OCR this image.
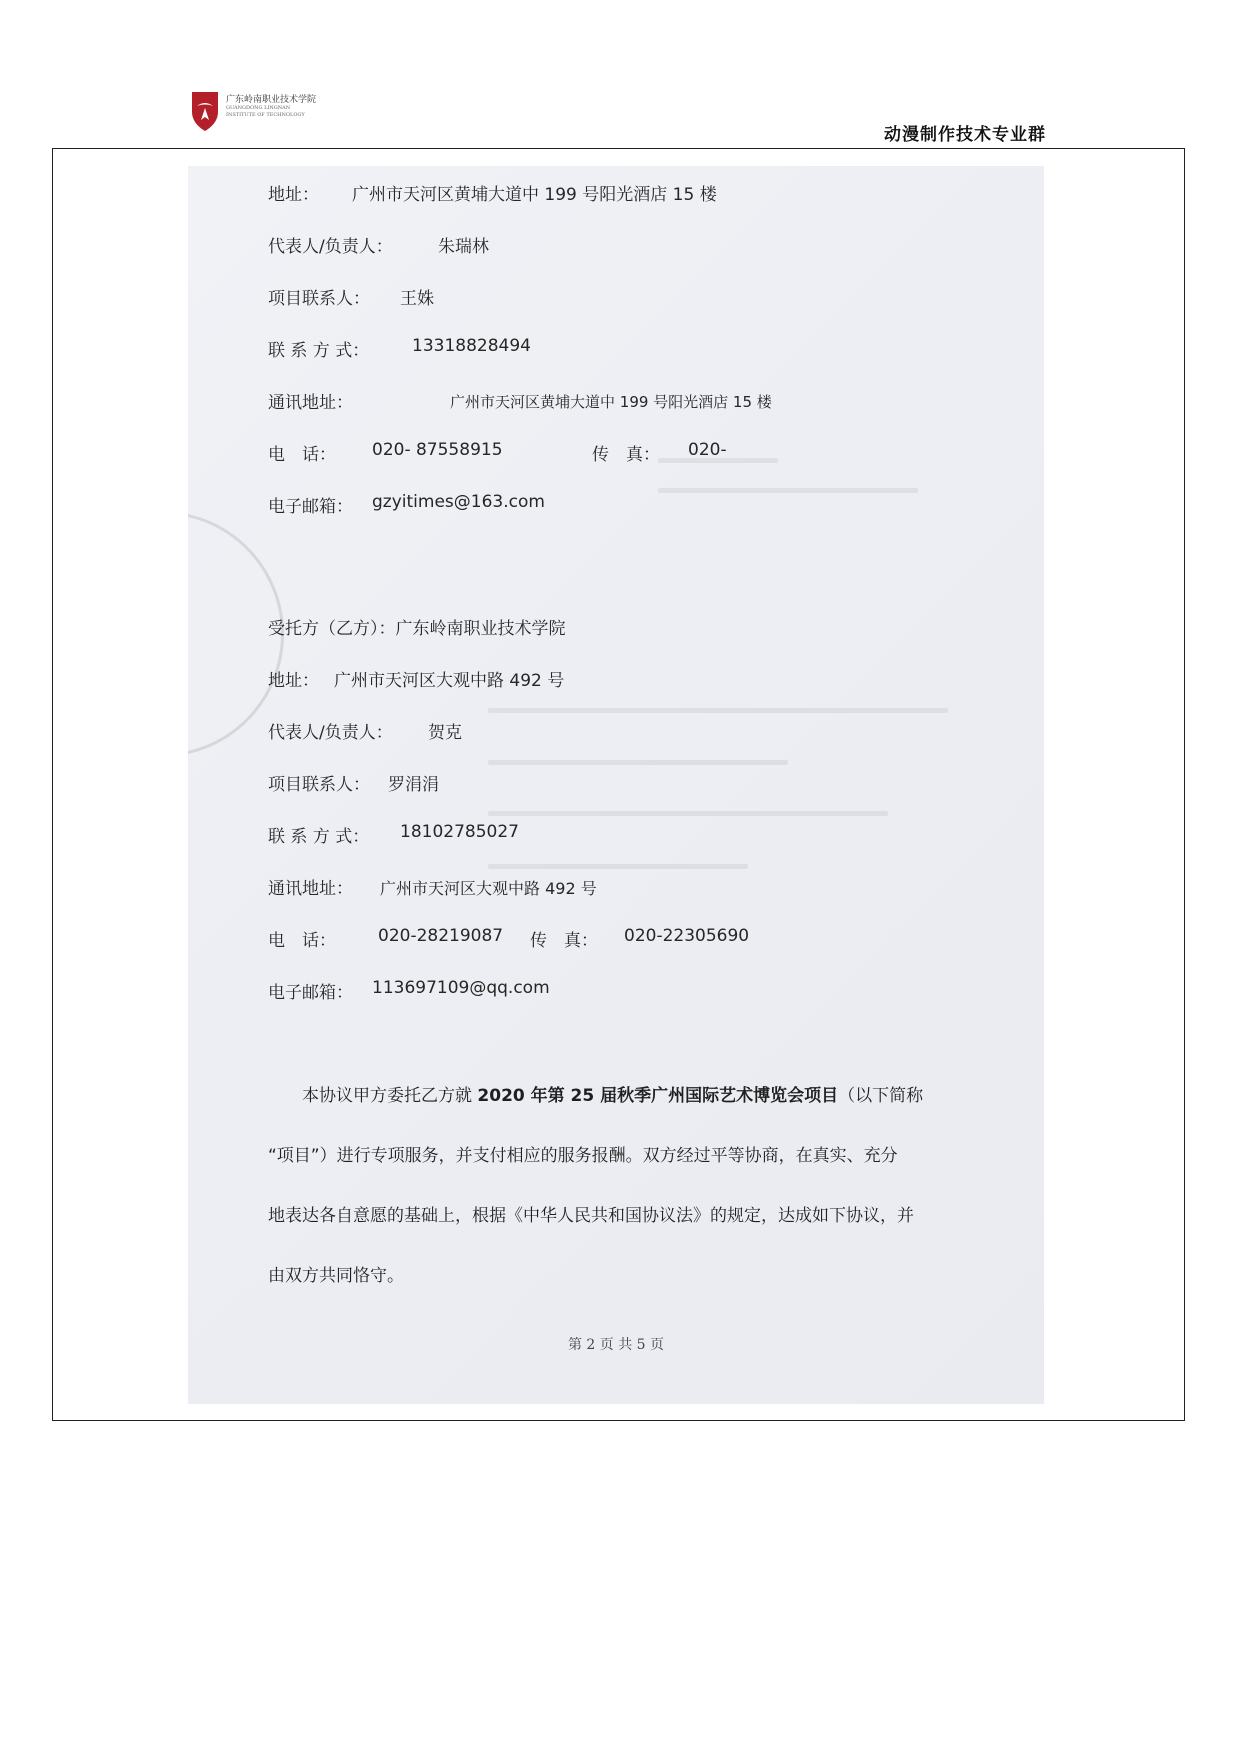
广东岭南职业技术学院
GUANGDONG LINGNAN
INSTITUTE OF TECHNOLOGY
动漫制作技术专业群
地址： 广州市天河区黄埔大道中 199 号阳光酒店 15 楼
代表人/负责人：	朱瑞林
项目联系人： 王姝
联 系 方 式：	13318828494
通讯地址：	广州市天河区黄埔大道中 199 号阳光酒店 15 楼
电　话： 020- 87558915	传　真： 020-
电子邮箱： gzyitimes@163.com
受托方（乙方）：广东岭南职业技术学院
地址： 广州市天河区大观中路 492 号
代表人/负责人： 贺克
项目联系人： 罗涓涓
联 系 方 式： 18102785027
通讯地址： 广州市天河区大观中路 492 号
电　话： 020-28219087 传　真： 020-22305690
电子邮箱： 113697109@qq.com

  本协议甲方委托乙方就 2020 年第 25 届秋季广州国际艺术博览会项目（以下简称

“项目”）进行专项服务，并支付相应的服务报酬。双方经过平等协商，在真实、充分

地表达各自意愿的基础上，根据《中华人民共和国协议法》的规定，达成如下协议，并

由双方共同恪守。

第 2 页 共 5 页
